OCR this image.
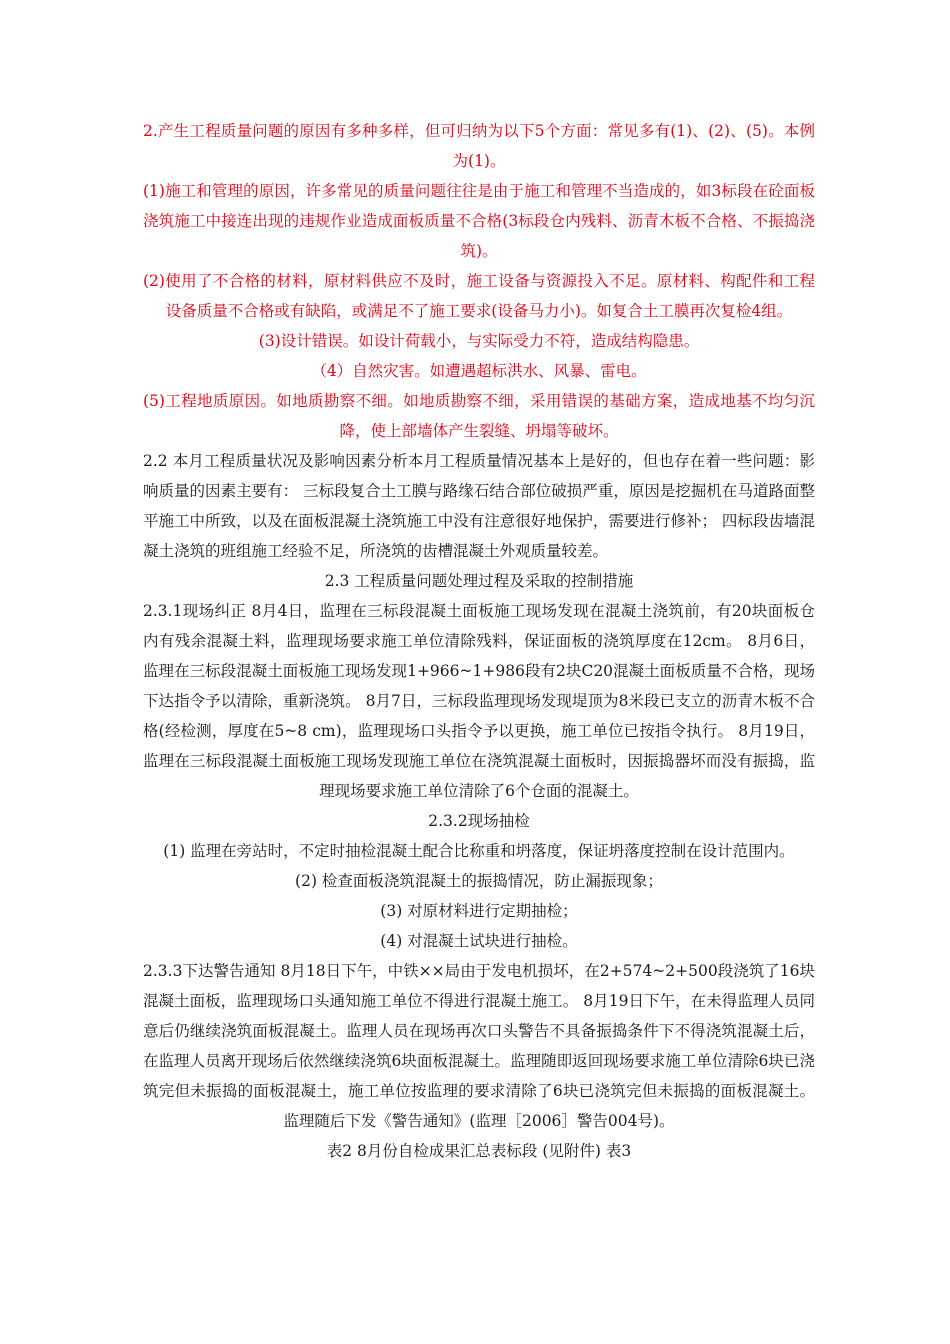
2.产生工程质量问题的原因有多种多样，但可归纳为以下5个方面：常见多有(1)、(2)、(5)。本例为(1)。

(1)施工和管理的原因，许多常见的质量问题往往是由于施工和管理不当造成的，如3标段在砼面板浇筑施工中接连出现的违规作业造成面板质量不合格(3标段仓内残料、沥青木板不合格、不振捣浇筑)。

(2)使用了不合格的材料，原材料供应不及时，施工设备与资源投入不足。原材料、构配件和工程设备质量不合格或有缺陷，或满足不了施工要求(设备马力小)。如复合土工膜再次复检4组。

(3)设计错误。如设计荷载小，与实际受力不符，造成结构隐患。

（4）自然灾害。如遭遇超标洪水、风暴、雷电。

(5)工程地质原因。如地质勘察不细。如地质勘察不细，采用错误的基础方案，造成地基不均匀沉降，使上部墙体产生裂缝、坍塌等破坏。

2.2 本月工程质量状况及影响因素分析本月工程质量情况基本上是好的，但也存在着一些问题：影响质量的因素主要有： 三标段复合土工膜与路缘石结合部位破损严重，原因是挖掘机在马道路面整平施工中所致，以及在面板混凝土浇筑施工中没有注意很好地保护，需要进行修补； 四标段齿墙混凝土浇筑的班组施工经验不足，所浇筑的齿槽混凝土外观质量较差。

2.3 工程质量问题处理过程及采取的控制措施

2.3.1现场纠正 8月4日，监理在三标段混凝土面板施工现场发现在混凝土浇筑前，有20块面板仓内有残余混凝土料，监理现场要求施工单位清除残料，保证面板的浇筑厚度在12cm。 8月6日，监理在三标段混凝土面板施工现场发现1+966~1+986段有2块C20混凝土面板质量不合格，现场下达指令予以清除，重新浇筑。 8月7日，三标段监理现场发现堤顶为8米段已支立的沥青木板不合格(经检测，厚度在5~8 cm)，监理现场口头指令予以更换，施工单位已按指令执行。 8月19日，监理在三标段混凝土面板施工现场发现施工单位在浇筑混凝土面板时，因振捣器坏而没有振捣，监理现场要求施工单位清除了6个仓面的混凝土。

2.3.2现场抽检

(1) 监理在旁站时，不定时抽检混凝土配合比称重和坍落度，保证坍落度控制在设计范围内。

(2) 检查面板浇筑混凝土的振捣情况，防止漏振现象；

(3) 对原材料进行定期抽检；

(4) 对混凝土试块进行抽检。

2.3.3下达警告通知 8月18日下午，中铁××局由于发电机损坏，在2+574~2+500段浇筑了16块混凝土面板，监理现场口头通知施工单位不得进行混凝土施工。 8月19日下午，在未得监理人员同意后仍继续浇筑面板混凝土。监理人员在现场再次口头警告不具备振捣条件下不得浇筑混凝土后，在监理人员离开现场后依然继续浇筑6块面板混凝土。监理随即返回现场要求施工单位清除6块已浇筑完但未振捣的面板混凝土，施工单位按监理的要求清除了6块已浇筑完但未振捣的面板混凝土。监理随后下发《警告通知》(监理［2006］警告004号)。

表2 8月份自检成果汇总表标段 (见附件) 表3
